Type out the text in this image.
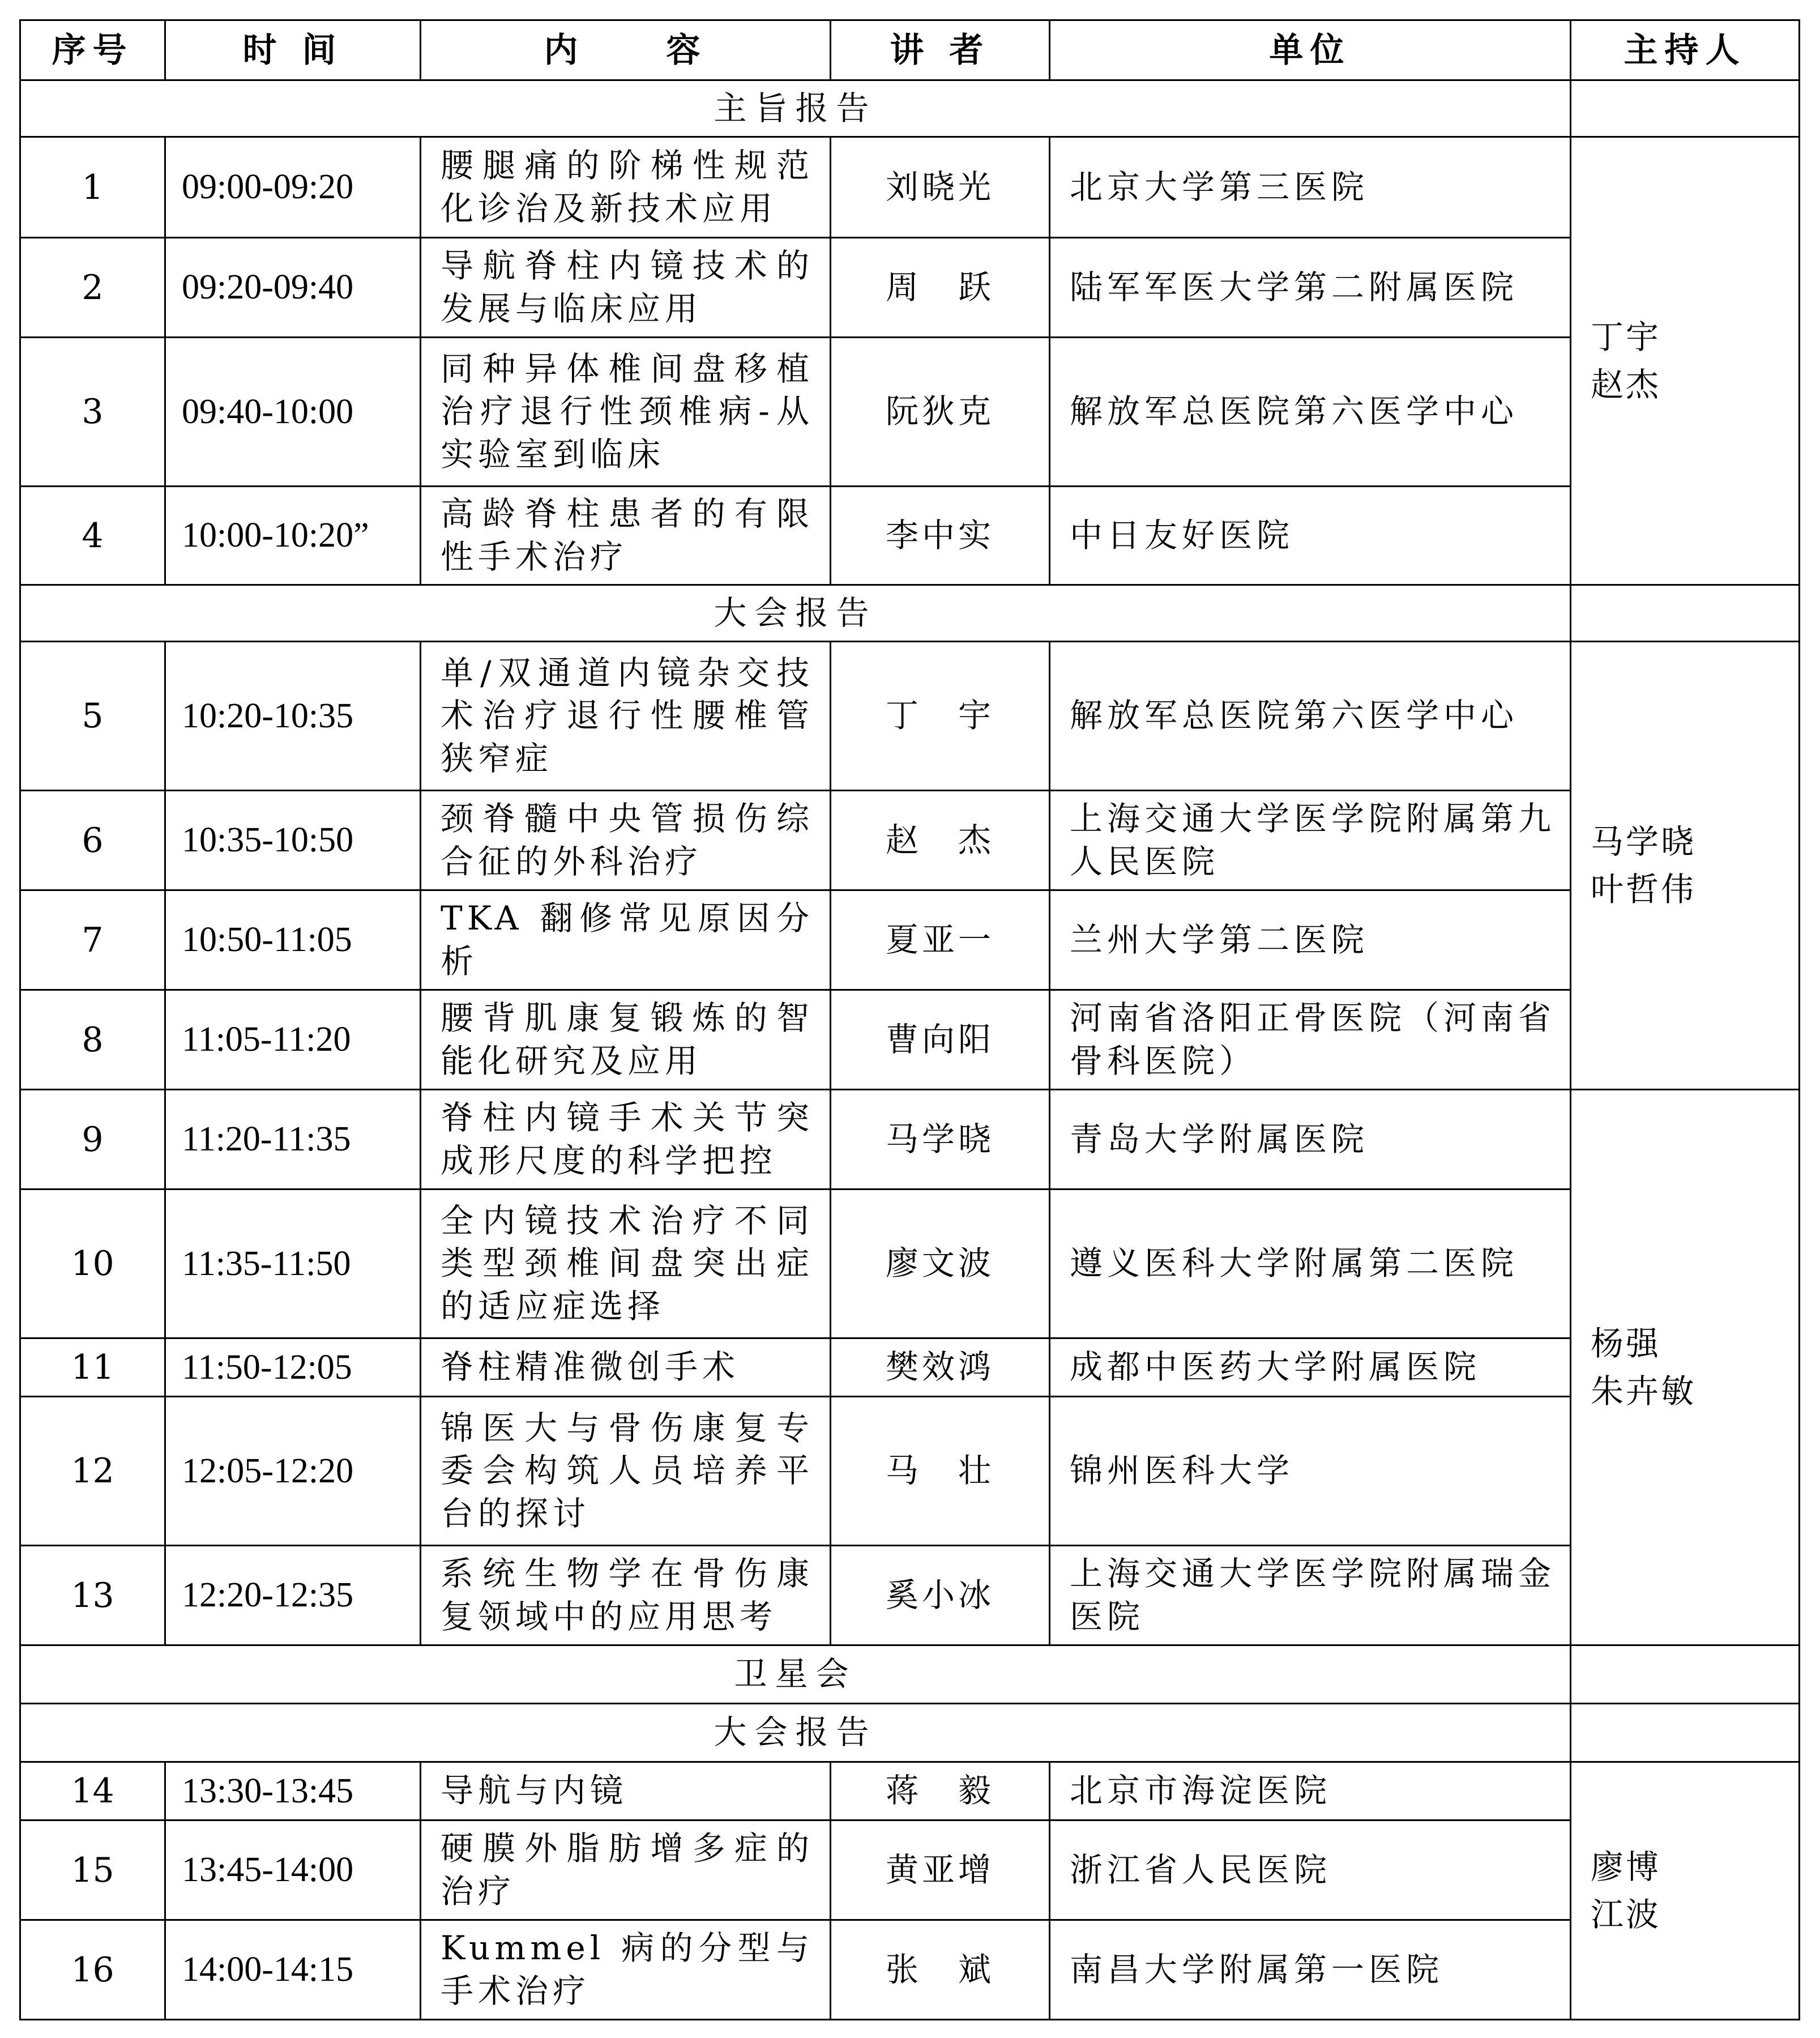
序号	时 间	内　　容	讲 者	单位	主持人
主旨报告					
1	09:00-09:20	腰腿痛的阶梯性规范化诊治及新技术应用	刘晓光	北京大学第三医院	丁宇
赵杰

2	09:20-09:40	导航脊柱内镜技术的发展与临床应用	周　跃	陆军军医大学第二附属医院	
3	09:40-10:00	同种异体椎间盘移植治疗退行性颈椎病-从实验室到临床	阮狄克	解放军总医院第六医学中心	
4	10:00-10:20”	高龄脊柱患者的有限性手术治疗	李中实	中日友好医院	
大会报告					
5	10:20-10:35	单/双通道内镜杂交技术治疗退行性腰椎管狭窄症	丁　宇	解放军总医院第六医学中心	马学晓
叶哲伟

6	10:35-10:50	颈脊髓中央管损伤综合征的外科治疗	赵　杰	上海交通大学医学院附属第九人民医院	
7	10:50-11:05	TKA 翻修常见原因分析	夏亚一	兰州大学第二医院	
8	11:05-11:20	腰背肌康复锻炼的智能化研究及应用	曹向阳	河南省洛阳正骨医院（河南省骨科医院）	
9	11:20-11:35	脊柱内镜手术关节突成形尺度的科学把控	马学晓	青岛大学附属医院	杨强
朱卉敏

10	11:35-11:50	全内镜技术治疗不同类型颈椎间盘突出症的适应症选择	廖文波	遵义医科大学附属第二医院	
11	11:50-12:05	脊柱精准微创手术	樊效鸿	成都中医药大学附属医院	
12	12:05-12:20	锦医大与骨伤康复专委会构筑人员培养平台的探讨	马　壮	锦州医科大学	
13	12:20-12:35	系统生物学在骨伤康复领域中的应用思考	奚小冰	上海交通大学医学院附属瑞金医院	
卫星会					
大会报告					
14	13:30-13:45	导航与内镜	蒋　毅	北京市海淀医院	廖博
江波

15	13:45-14:00	硬膜外脂肪增多症的治疗	黄亚增	浙江省人民医院	
16	14:00-14:15	Kummel 病的分型与手术治疗	张　斌	南昌大学附属第一医院	
